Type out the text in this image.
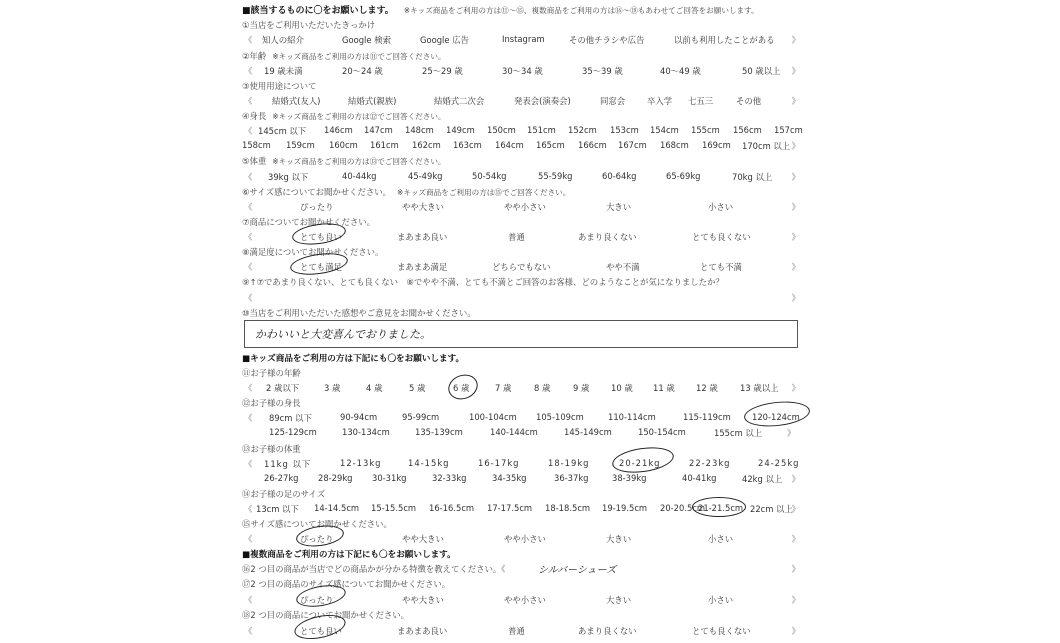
■該当するものに〇をお願いします。 ※キッズ商品をご利用の方は⑪～⑮、複数商品をご利用の方は⑯～⑱もあわせてご回答をお願いします。
①当店をご利用いただいたきっかけ
《 知人の紹介	Google 検索	Google 広告	Instagram	その他チラシや広告	以前も利用したことがある 》
②年齢 ※キッズ商品をご利用の方は⑪でご回答ください。
《 19 歳未満	20～24 歳	25～29 歳	30～34 歳	35～39 歳	40～49 歳	50 歳以上 》
③使用用途について
《 結婚式(友人)	結婚式(親族)	結婚式二次会	発表会(演奏会)	同窓会	卒入学 七五三	その他	》
④身長 ※キッズ商品をご利用の方は⑫でご回答ください。
《 145cm 以下 146cm 147cm 148cm 149cm 150cm 151cm 152cm 153cm 154cm 155cm 156cm 157cm
158cm 159cm 160cm 161cm 162cm 163cm 164cm 165cm 166cm 167cm 168cm 169cm 170cm 以上 》
⑤体重 ※キッズ商品をご利用の方は⑬でご回答ください。
《 39kg 以下	40-44kg	45-49kg	50-54kg	55-59kg	60-64kg	65-69kg	70kg 以上 》
⑥サイズ感についてお聞かせください。 ※キッズ商品をご利用の方は⑮でご回答ください。
《	ぴったり	やや大きい	やや小さい	大きい	小さい	》
⑦商品についてお聞かせください。
《	とても良い	まあまあ良い	普通	あまり良くない	とても良くない	》
⑧満足度についてお聞かせください。
《	とても満足	まあまあ満足	どちらでもない	やや不満	とても不満	》
⑨↑⑦であまり良くない、とても良くない　⑧でやや不満、とても不満とご回答のお客様、どのようなことが気になりましたか？
《	》
⑩当店をご利用いただいた感想やご意見をお聞かせください。
かわいいと大変喜んでおりました。
■キッズ商品をご利用の方は下記にも〇をお願いします。
⑪お子様の年齢
《 2 歳以下	3 歳	4 歳	5 歳	6 歳	7 歳	8 歳	9 歳	10 歳 11 歳	12 歳	13 歳以上 》
⑫お子様の身長
《 89cm 以下	90-94cm	95-99cm	100-104cm 105-109cm	110-114cm	115-119cm	120-124cm
125-129cm	130-134cm	135-139cm	140-144cm	145-149cm	150-154cm	155cm 以上	》
⑬お子様の体重
《 11kg 以下	12-13kg	14-15kg	16-17kg	18-19kg	20-21kg	22-23kg	24-25kg
26-27kg 28-29kg 30-31kg	32-33kg	34-35kg	36-37kg	38-39kg	40-41kg	42kg 以上 》
⑭お子様の足のサイズ
《 13cm 以下 14-14.5cm 15-15.5cm 16-16.5cm 17-17.5cm 18-18.5cm 19-19.5cm 20-20.5cm
21-21.5cm 22cm 以上
》
⑮サイズ感についてお聞かせください。
《	ぴったり	やや大きい	やや小さい	大きい	小さい	》
■複数商品をご利用の方は下記にも〇をお願いします。
⑯2 つ目の商品が当店でどの商品かが分かる特徴を教えてください。《	シルバーシューズ	》
⑰2 つ目の商品のサイズ感についてお聞かせください。
《	ぴったり	やや大きい	やや小さい	大きい	小さい	》
⑱2 つ目の商品についてお聞かせください。
《	とても良い	まあまあ良い	普通	あまり良くない	とても良くない	》
